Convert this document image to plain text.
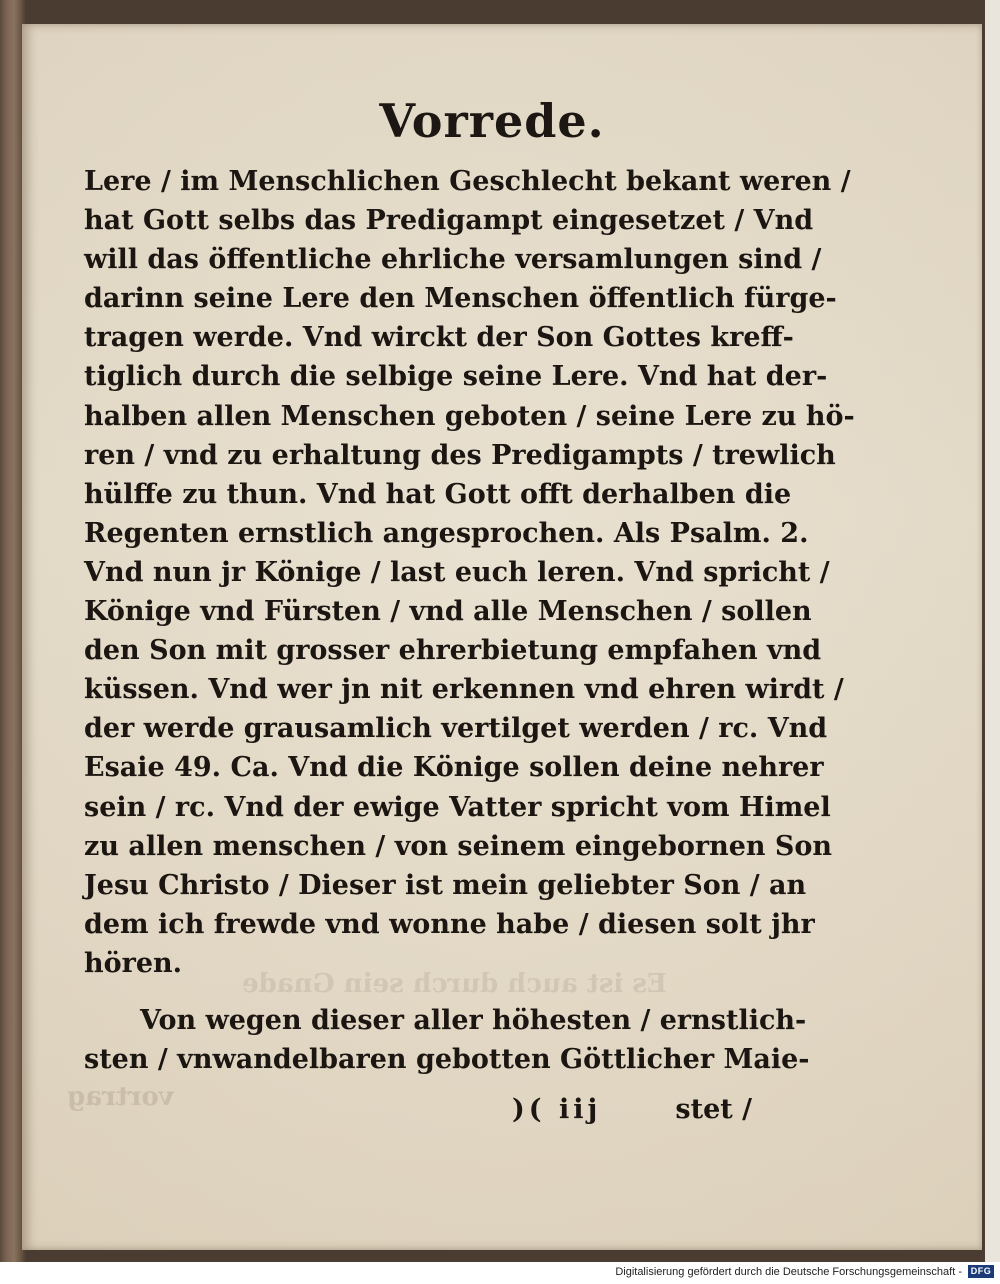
Es ist auch durch sein Gnade
vortrag
Vorrede.
Lere / im Menschlichen Geschlecht bekant weren /
hat Gott selbs das Predigampt eingesetzet / Vnd
will das öffentliche ehrliche versamlungen sind /
darinn seine Lere den Menschen öffentlich fürge-
tragen werde. Vnd wirckt der Son Gottes kreff-
tiglich durch die selbige seine Lere. Vnd hat der-
halben allen Menschen geboten / seine Lere zu hö-
ren / vnd zu erhaltung des Predigampts / trewlich
hülffe zu thun. Vnd hat Gott offt derhalben die
Regenten ernstlich angesprochen. Als Psalm. 2.
Vnd nun jr Könige / last euch leren. Vnd spricht /
Könige vnd Fürsten / vnd alle Menschen / sollen
den Son mit grosser ehrerbietung empfahen vnd
küssen. Vnd wer jn nit erkennen vnd ehren wirdt /
der werde grausamlich vertilget werden / rc. Vnd
Esaie 49. Ca. Vnd die Könige sollen deine nehrer
sein / rc. Vnd der ewige Vatter spricht vom Himel
zu allen menschen / von seinem eingebornen Son
Jesu Christo / Dieser ist mein geliebter Son / an
dem ich frewde vnd wonne habe / diesen solt jhr
hören.
Von wegen dieser aller höhesten / ernstlich-
sten / vnwandelbaren gebotten Göttlicher Maie-
)( iij	stet /
Digitalisierung gefördert durch die Deutsche Forschungsgemeinschaft - DFG
